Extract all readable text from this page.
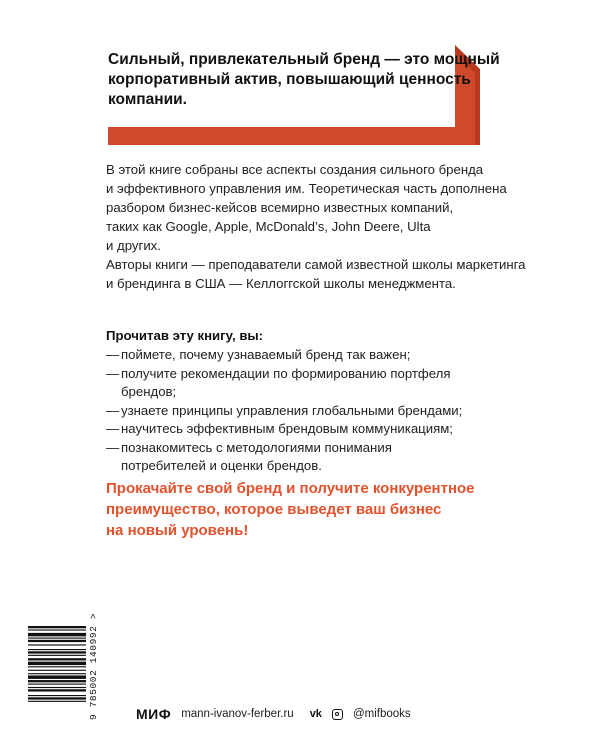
Сильный, привлекательный бренд — это мощный
корпоративный актив, повышающий ценность
компании.
В этой книге собраны все аспекты создания сильного бренда
и эффективного управления им. Теоретическая часть дополнена
разбором бизнес-кейсов всемирно известных компаний,
таких как Google, Apple, McDonald’s, John Deere, Ulta
и других.
Авторы книги — преподаватели самой известной школы маркетинга
и брендинга в США — Келлоггской школы менеджмента.
Прочитав эту книгу, вы:
— поймете, почему узнаваемый бренд так важен;
— получите рекомендации по формированию портфеля
брендов;
— узнаете принципы управления глобальными брендами;
— научитесь эффективным брендовым коммуникациям;
— познакомитесь с методологиями понимания
потребителей и оценки брендов.
Прокачайте свой бренд и получите конкурентное
преимущество, которое выведет ваш бизнес
на новый уровень!
9 785002 140992 >	МИФ mann-ivanov-ferber.ru vk	@mifbooks
